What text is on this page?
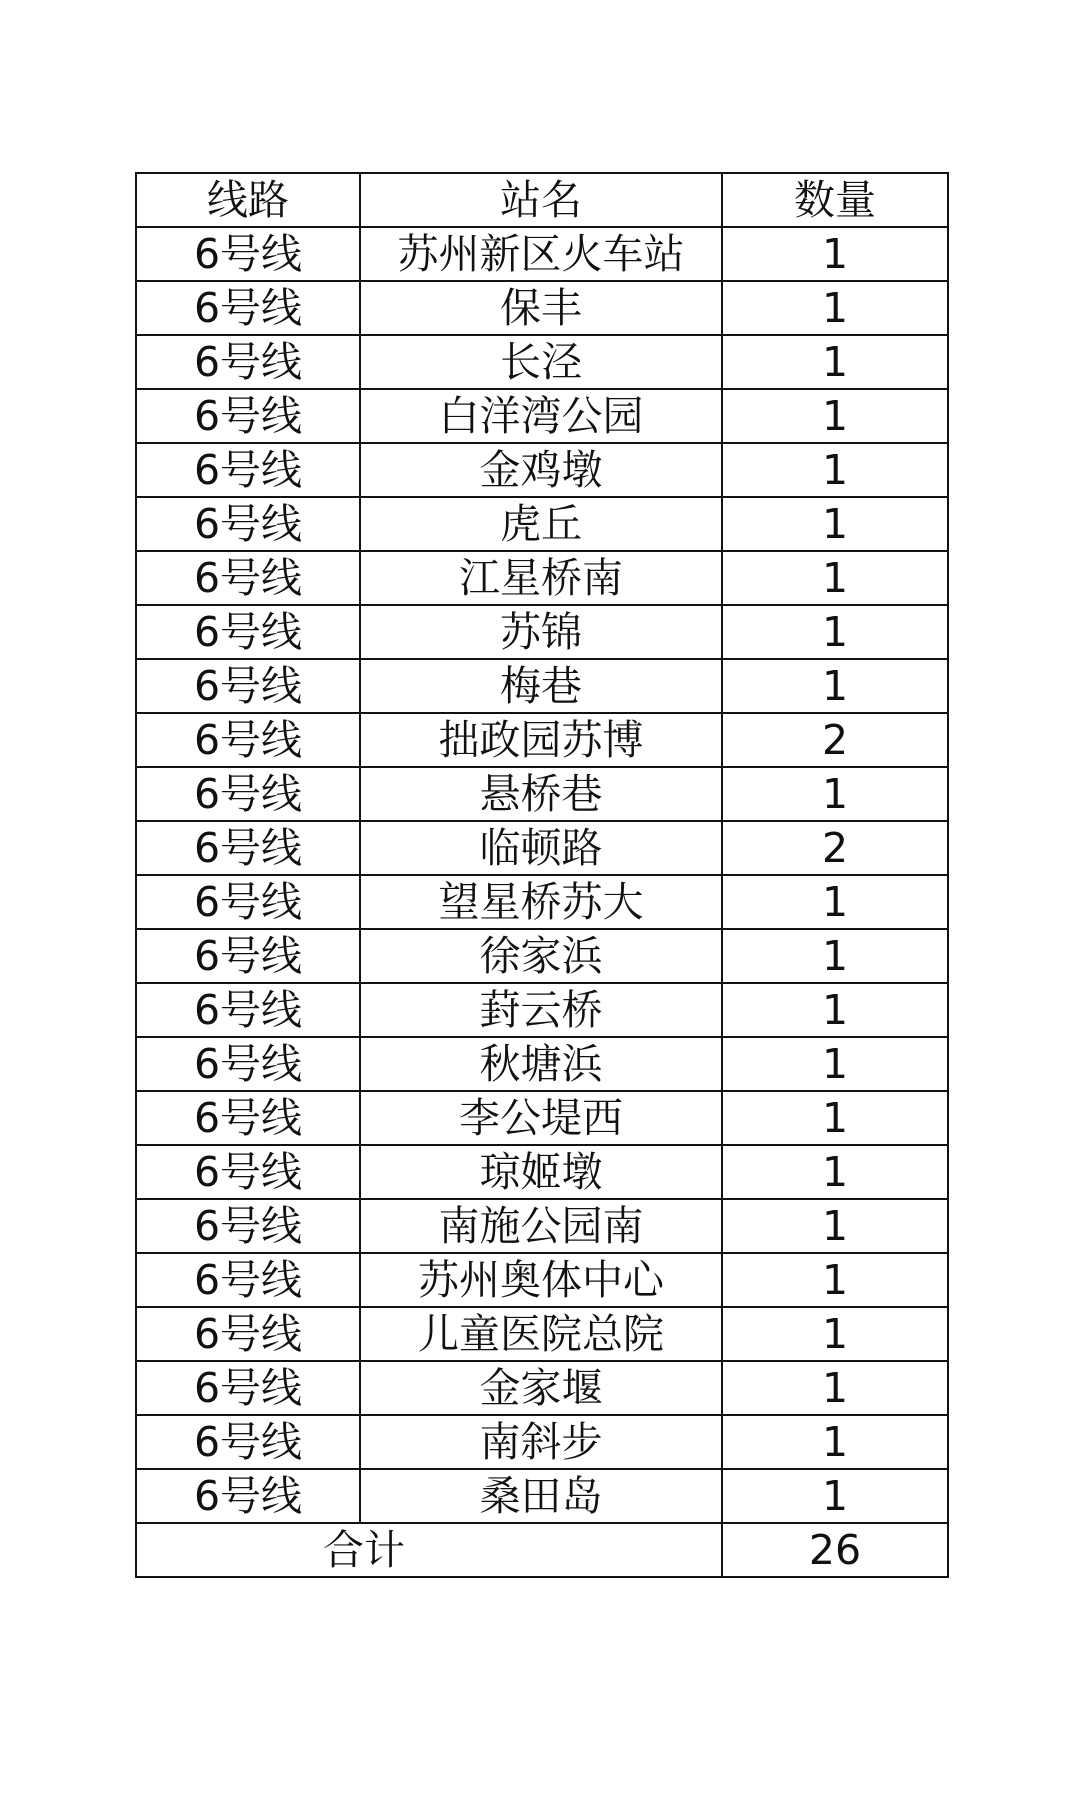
线路	站名	数量
6号线	苏州新区火车站	1
6号线	保丰	1
6号线	长泾	1
6号线	白洋湾公园	1
6号线	金鸡墩	1
6号线	虎丘	1
6号线	江星桥南	1
6号线	苏锦	1
6号线	梅巷	1
6号线	拙政园苏博	2
6号线	悬桥巷	1
6号线	临顿路	2
6号线	望星桥苏大	1
6号线	徐家浜	1
6号线	葑云桥	1
6号线	秋塘浜	1
6号线	李公堤西	1
6号线	琼姬墩	1
6号线	南施公园南	1
6号线	苏州奥体中心	1
6号线	儿童医院总院	1
6号线	金家堰	1
6号线	南斜步	1
6号线	桑田岛	1
合计		26
